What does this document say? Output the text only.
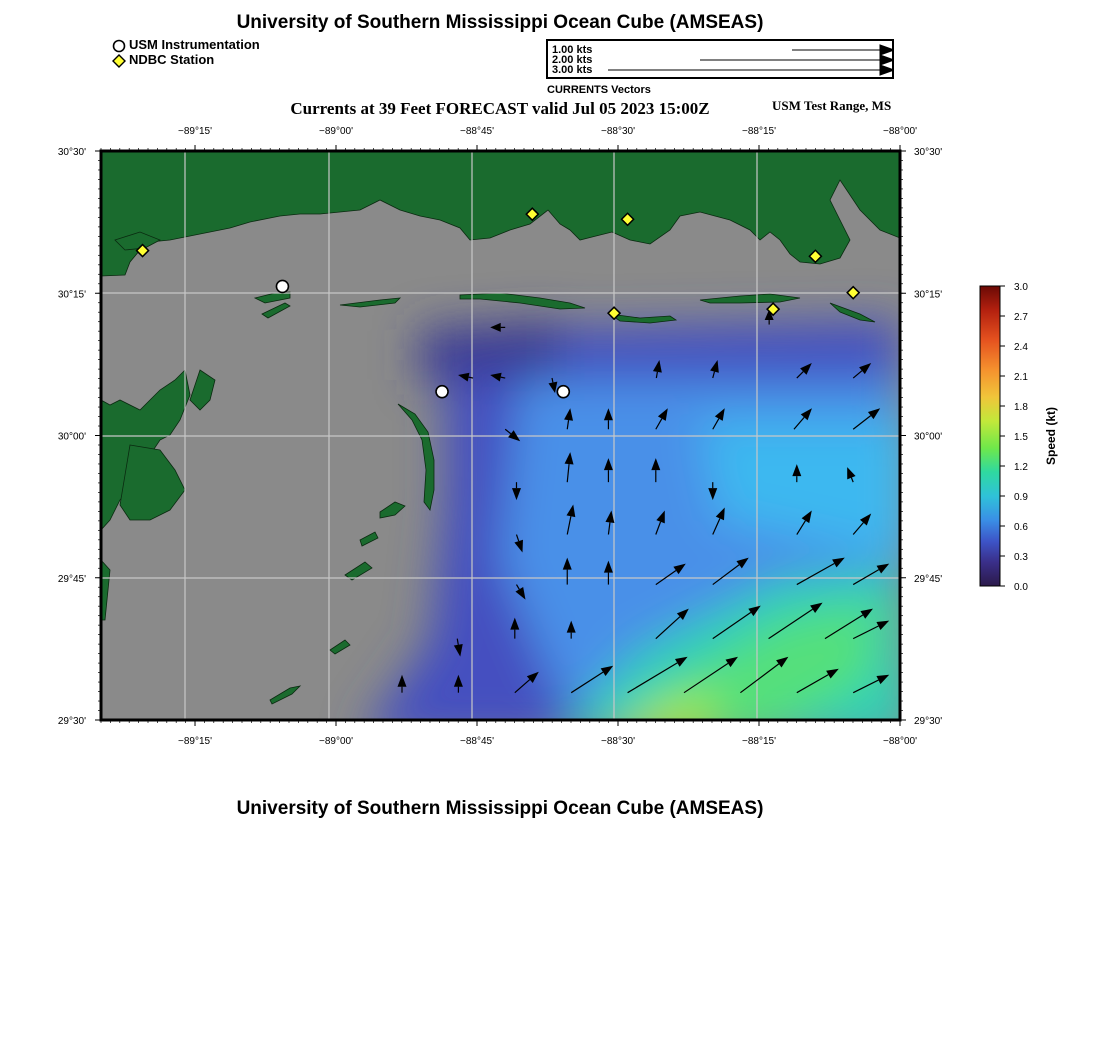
University of Southern Mississippi Ocean Cube (AMSEAS)
USM Instrumentation
NDBC Station
1.00 kts
2.00 kts
3.00 kts
CURRENTS Vectors
Currents at 39 Feet FORECAST valid Jul 05 2023 15:00Z	USM Test Range, MS
−89°15'
−89°15'
−89°00'
−89°00'
−88°45'
−88°45'
−88°30'
−88°30'
−88°15'
−88°15'
−88°00'
−88°00'
30°30'	30°30'
30°15'	30°15'
30°00'	30°00'
29°45'	29°45'
29°30'	29°30'
3.0
2.7
2.4
2.1
1.8
1.5
1.2
0.9
0.6
0.3
0.0
Speed (kt)
University of Southern Mississippi Ocean Cube (AMSEAS)
